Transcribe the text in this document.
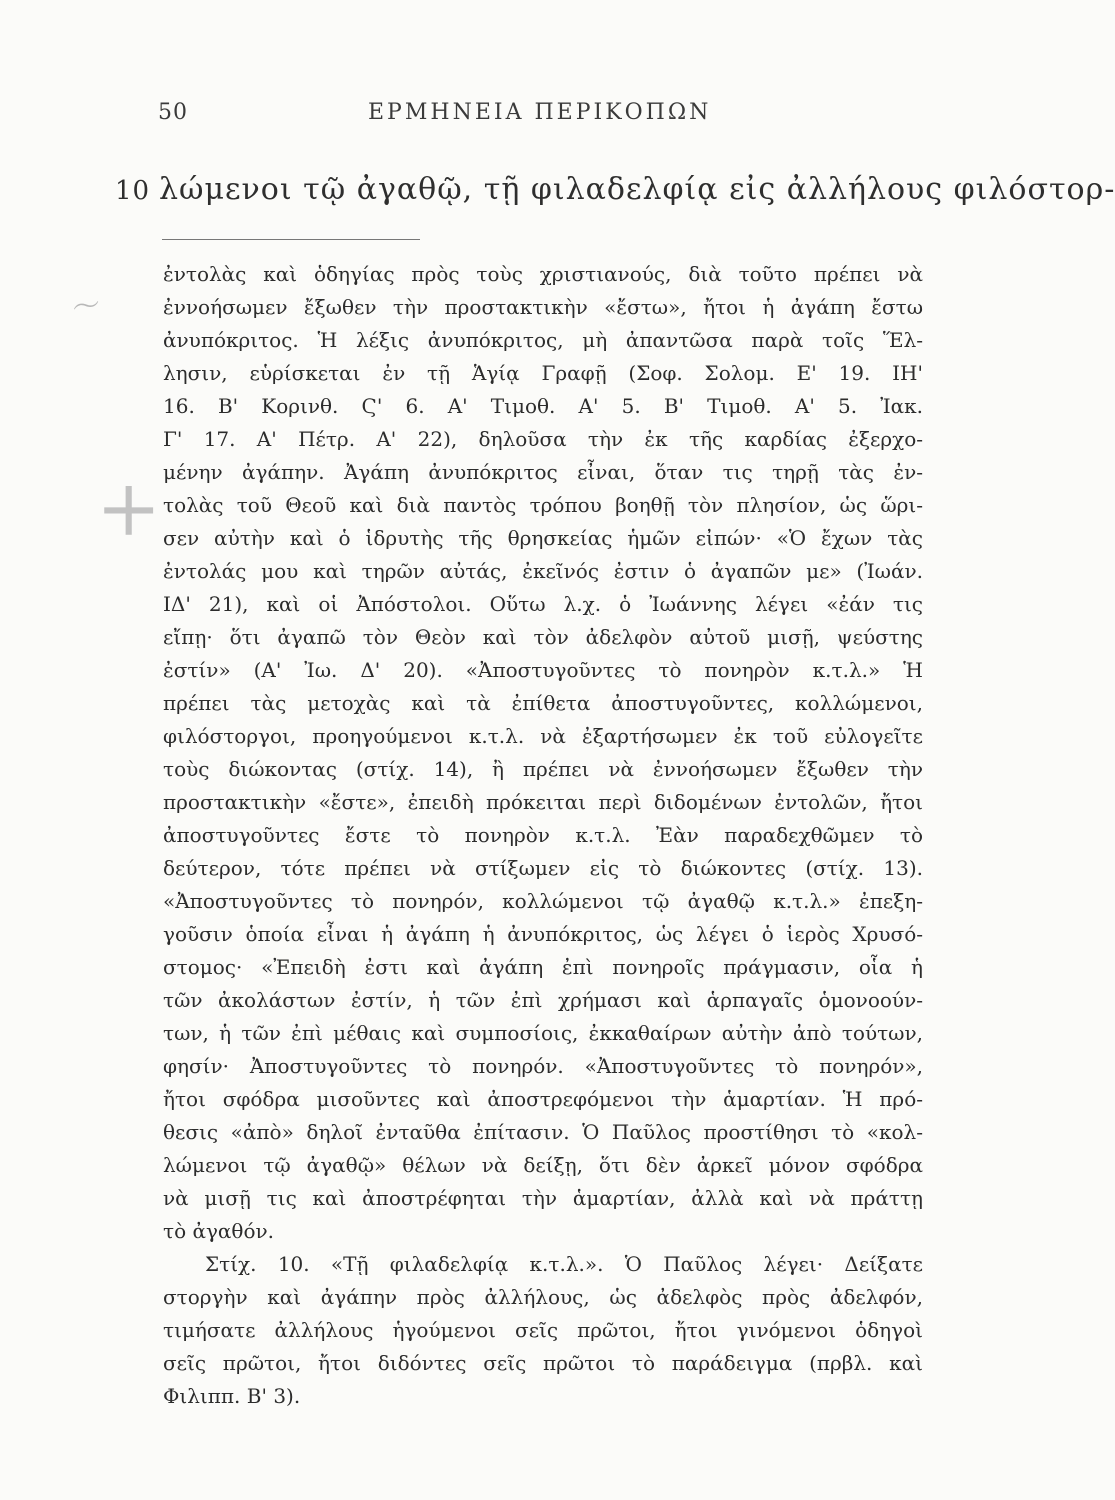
50	ΕΡΜΗΝΕΙΑ ΠΕΡΙΚΟΠΩΝ
10 λώμενοι τῷ ἀγαθῷ, τῇ φιλαδελφίᾳ εἰς ἀλλήλους φιλόστορ-
〜
+
ἐντολὰς καὶ ὁδηγίας πρὸς τοὺς χριστιανούς, διὰ τοῦτο πρέπει νὰ
ἐννοήσωμεν ἔξωθεν τὴν προστακτικὴν «ἔστω», ἤτοι ἡ ἀγάπη ἔστω
ἀνυπόκριτος. Ἡ λέξις ἀνυπόκριτος, μὴ ἀπαντῶσα παρὰ τοῖς Ἕλ-
λησιν, εὑρίσκεται ἐν τῇ Ἁγίᾳ Γραφῇ (Σοφ. Σολομ. Ε' 19. ΙΗ'
16. Β' Κορινθ. Ϛ' 6. Α' Τιμοθ. Α' 5. Β' Τιμοθ. Α' 5. Ἰακ.
Γ' 17. Α' Πέτρ. Α' 22), δηλοῦσα τὴν ἐκ τῆς καρδίας ἐξερχο-
μένην ἀγάπην. Ἀγάπη ἀνυπόκριτος εἶναι, ὅταν τις τηρῇ τὰς ἐν-
τολὰς τοῦ Θεοῦ καὶ διὰ παντὸς τρόπου βοηθῇ τὸν πλησίον, ὡς ὥρι-
σεν αὐτὴν καὶ ὁ ἱδρυτὴς τῆς θρησκείας ἡμῶν εἰπών· «Ὁ ἔχων τὰς
ἐντολάς μου καὶ τηρῶν αὐτάς, ἐκεῖνός ἐστιν ὁ ἀγαπῶν με» (Ἰωάν.
ΙΔ' 21), καὶ οἱ Ἀπόστολοι. Οὕτω λ.χ. ὁ Ἰωάννης λέγει «ἐάν τις
εἴπῃ· ὅτι ἀγαπῶ τὸν Θεὸν καὶ τὸν ἀδελφὸν αὐτοῦ μισῇ, ψεύστης
ἐστίν» (Α' Ἰω. Δ' 20). «Ἀποστυγοῦντες τὸ πονηρὸν κ.τ.λ.» Ἡ
πρέπει τὰς μετοχὰς καὶ τὰ ἐπίθετα ἀποστυγοῦντες, κολλώμενοι,
φιλόστοργοι, προηγούμενοι κ.τ.λ. νὰ ἐξαρτήσωμεν ἐκ τοῦ εὐλογεῖτε
τοὺς διώκοντας (στίχ. 14), ἢ πρέπει νὰ ἐννοήσωμεν ἔξωθεν τὴν
προστακτικὴν «ἔστε», ἐπειδὴ πρόκειται περὶ διδομένων ἐντολῶν, ἤτοι
ἀποστυγοῦντες ἔστε τὸ πονηρὸν κ.τ.λ. Ἐὰν παραδεχθῶμεν τὸ
δεύτερον, τότε πρέπει νὰ στίξωμεν εἰς τὸ διώκοντες (στίχ. 13).
«Ἀποστυγοῦντες τὸ πονηρόν, κολλώμενοι τῷ ἀγαθῷ κ.τ.λ.» ἐπεξη-
γοῦσιν ὁποία εἶναι ἡ ἀγάπη ἡ ἀνυπόκριτος, ὡς λέγει ὁ ἱερὸς Χρυσό-
στομος· «Ἐπειδὴ ἐστι καὶ ἀγάπη ἐπὶ πονηροῖς πράγμασιν, οἷα ἡ
τῶν ἀκολάστων ἐστίν, ἡ τῶν ἐπὶ χρήμασι καὶ ἁρπαγαῖς ὁμονοούν-
των, ἡ τῶν ἐπὶ μέθαις καὶ συμποσίοις, ἐκκαθαίρων αὐτὴν ἀπὸ τούτων,
φησίν· Ἀποστυγοῦντες τὸ πονηρόν. «Ἀποστυγοῦντες τὸ πονηρόν»,
ἤτοι σφόδρα μισοῦντες καὶ ἀποστρεφόμενοι τὴν ἁμαρτίαν. Ἡ πρό-
θεσις «ἀπὸ» δηλοῖ ἐνταῦθα ἐπίτασιν. Ὁ Παῦλος προστίθησι τὸ «κολ-
λώμενοι τῷ ἀγαθῷ» θέλων νὰ δείξῃ, ὅτι δὲν ἀρκεῖ μόνον σφόδρα
νὰ μισῇ τις καὶ ἀποστρέφηται τὴν ἁμαρτίαν, ἀλλὰ καὶ νὰ πράττῃ
τὸ ἀγαθόν.
Στίχ. 10. «Τῇ φιλαδελφίᾳ κ.τ.λ.». Ὁ Παῦλος λέγει· Δείξατε
στοργὴν καὶ ἀγάπην πρὸς ἀλλήλους, ὡς ἀδελφὸς πρὸς ἀδελφόν,
τιμήσατε ἀλλήλους ἡγούμενοι σεῖς πρῶτοι, ἤτοι γινόμενοι ὁδηγοὶ
σεῖς πρῶτοι, ἤτοι διδόντες σεῖς πρῶτοι τὸ παράδειγμα (πρβλ. καὶ
Φιλιππ. Β' 3).
